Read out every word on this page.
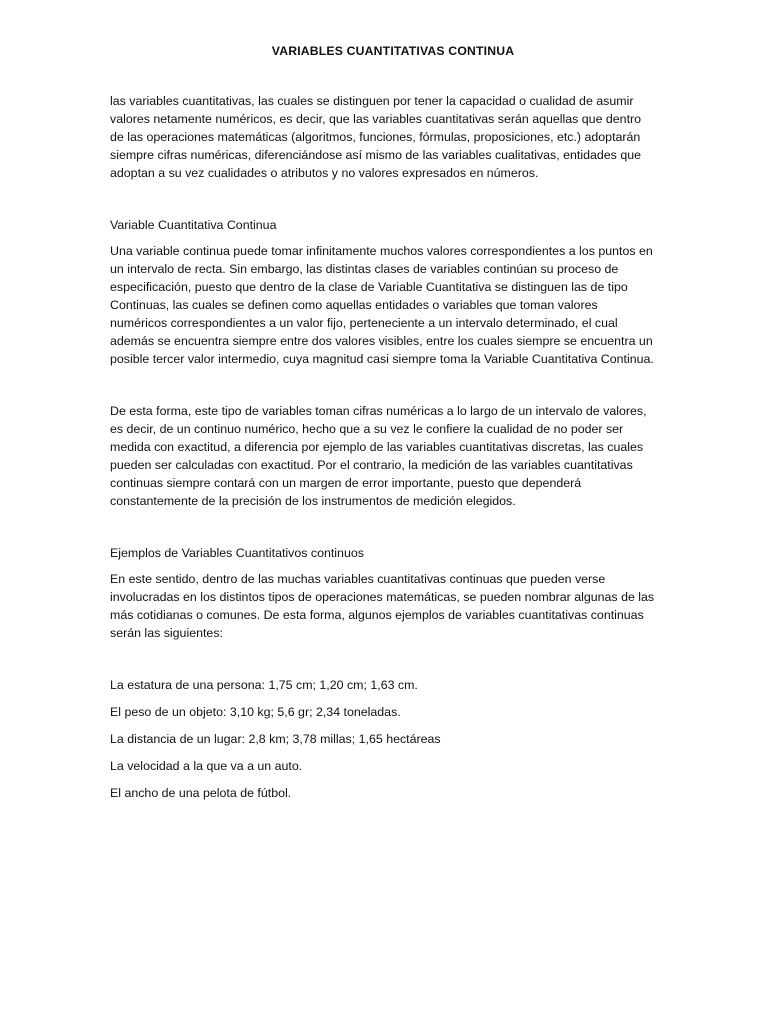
VARIABLES CUANTITATIVAS CONTINUA

las variables cuantitativas, las cuales se distinguen por tener la capacidad o cualidad de asumir valores netamente numéricos, es decir, que las variables cuantitativas serán aquellas que dentro de las operaciones matemáticas (algoritmos, funciones, fórmulas, proposiciones, etc.) adoptarán siempre cifras numéricas, diferenciándose así mismo de las variables cualitativas, entidades que adoptan a su vez cualidades o atributos y no valores expresados en números.

Variable Cuantitativa Continua

Una variable continua puede tomar infinitamente muchos valores correspondientes a los puntos en un intervalo de recta. Sin embargo, las distintas clases de variables continúan su proceso de especificación, puesto que dentro de la clase de Variable Cuantitativa se distinguen las de tipo Continuas, las cuales se definen como aquellas entidades o variables que toman valores numéricos correspondientes a un valor fijo, perteneciente a un intervalo determinado, el cual además se encuentra siempre entre dos valores visibles, entre los cuales siempre se encuentra un posible tercer valor intermedio, cuya magnitud casi siempre toma la Variable Cuantitativa Continua.

De esta forma, este tipo de variables toman cifras numéricas a lo largo de un intervalo de valores, es decir, de un continuo numérico, hecho que a su vez le confiere la cualidad de no poder ser medida con exactitud, a diferencia por ejemplo de las variables cuantitativas discretas, las cuales pueden ser calculadas con exactitud. Por el contrario, la medición de las variables cuantitativas continuas siempre contará con un margen de error importante, puesto que dependerá constantemente de la precisión de los instrumentos de medición elegidos.

Ejemplos de Variables Cuantitativos continuos

En este sentido, dentro de las muchas variables cuantitativas continuas que pueden verse involucradas en los distintos tipos de operaciones matemáticas, se pueden nombrar algunas de las más cotidianas o comunes. De esta forma, algunos ejemplos de variables cuantitativas continuas serán las siguientes:

La estatura de una persona: 1,75 cm; 1,20 cm; 1,63 cm.

El peso de un objeto: 3,10 kg; 5,6 gr; 2,34 toneladas.

La distancia de un lugar: 2,8 km; 3,78 millas; 1,65 hectáreas

La velocidad a la que va a un auto.

El ancho de una pelota de fútbol.
